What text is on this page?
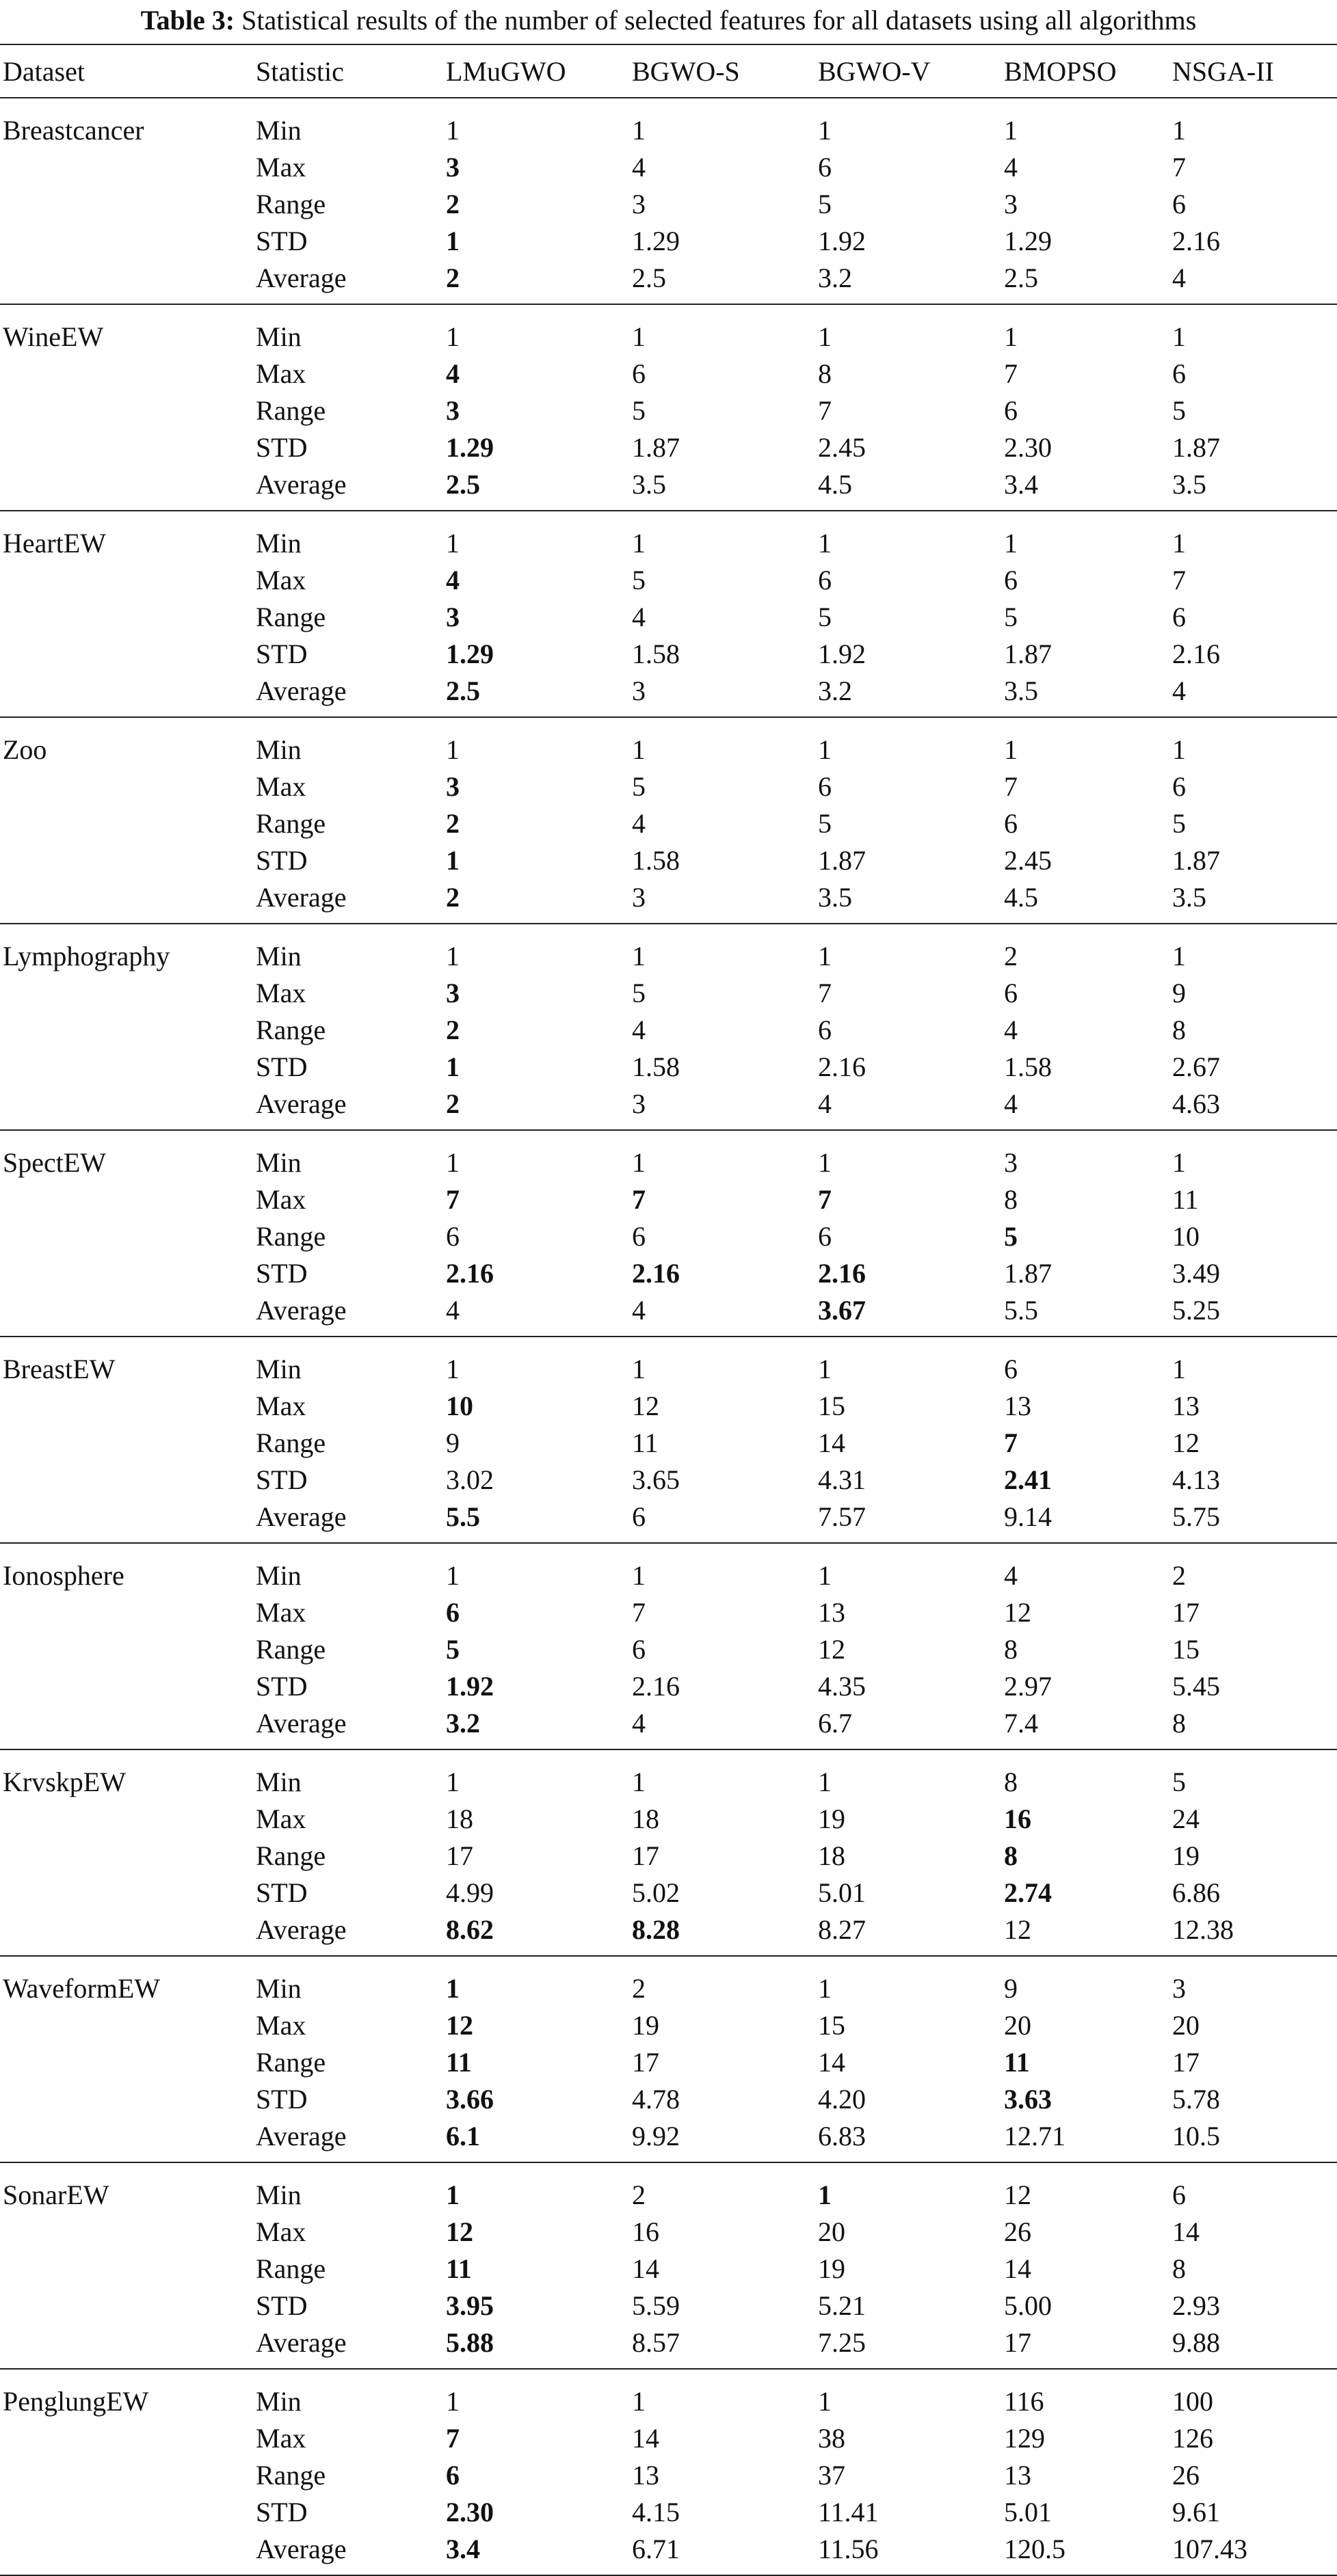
Table 3: Statistical results of the number of selected features for all datasets using all algorithms
Dataset	Statistic	LMuGWO	BGWO-S	BGWO-V	BMOPSO	NSGA-II
Breastcancer	Min	1	1	1	1	1
	Max	3	4	6	4	7
	Range	2	3	5	3	6
	STD	1	1.29	1.92	1.29	2.16
	Average	2	2.5	3.2	2.5	4
WineEW	Min	1	1	1	1	1
	Max	4	6	8	7	6
	Range	3	5	7	6	5
	STD	1.29	1.87	2.45	2.30	1.87
	Average	2.5	3.5	4.5	3.4	3.5
HeartEW	Min	1	1	1	1	1
	Max	4	5	6	6	7
	Range	3	4	5	5	6
	STD	1.29	1.58	1.92	1.87	2.16
	Average	2.5	3	3.2	3.5	4
Zoo	Min	1	1	1	1	1
	Max	3	5	6	7	6
	Range	2	4	5	6	5
	STD	1	1.58	1.87	2.45	1.87
	Average	2	3	3.5	4.5	3.5
Lymphography	Min	1	1	1	2	1
	Max	3	5	7	6	9
	Range	2	4	6	4	8
	STD	1	1.58	2.16	1.58	2.67
	Average	2	3	4	4	4.63
SpectEW	Min	1	1	1	3	1
	Max	7	7	7	8	11
	Range	6	6	6	5	10
	STD	2.16	2.16	2.16	1.87	3.49
	Average	4	4	3.67	5.5	5.25
BreastEW	Min	1	1	1	6	1
	Max	10	12	15	13	13
	Range	9	11	14	7	12
	STD	3.02	3.65	4.31	2.41	4.13
	Average	5.5	6	7.57	9.14	5.75
Ionosphere	Min	1	1	1	4	2
	Max	6	7	13	12	17
	Range	5	6	12	8	15
	STD	1.92	2.16	4.35	2.97	5.45
	Average	3.2	4	6.7	7.4	8
KrvskpEW	Min	1	1	1	8	5
	Max	18	18	19	16	24
	Range	17	17	18	8	19
	STD	4.99	5.02	5.01	2.74	6.86
	Average	8.62	8.28	8.27	12	12.38
WaveformEW	Min	1	2	1	9	3
	Max	12	19	15	20	20
	Range	11	17	14	11	17
	STD	3.66	4.78	4.20	3.63	5.78
	Average	6.1	9.92	6.83	12.71	10.5
SonarEW	Min	1	2	1	12	6
	Max	12	16	20	26	14
	Range	11	14	19	14	8
	STD	3.95	5.59	5.21	5.00	2.93
	Average	5.88	8.57	7.25	17	9.88
PenglungEW	Min	1	1	1	116	100
	Max	7	14	38	129	126
	Range	6	13	37	13	26
	STD	2.30	4.15	11.41	5.01	9.61
	Average	3.4	6.71	11.56	120.5	107.43
